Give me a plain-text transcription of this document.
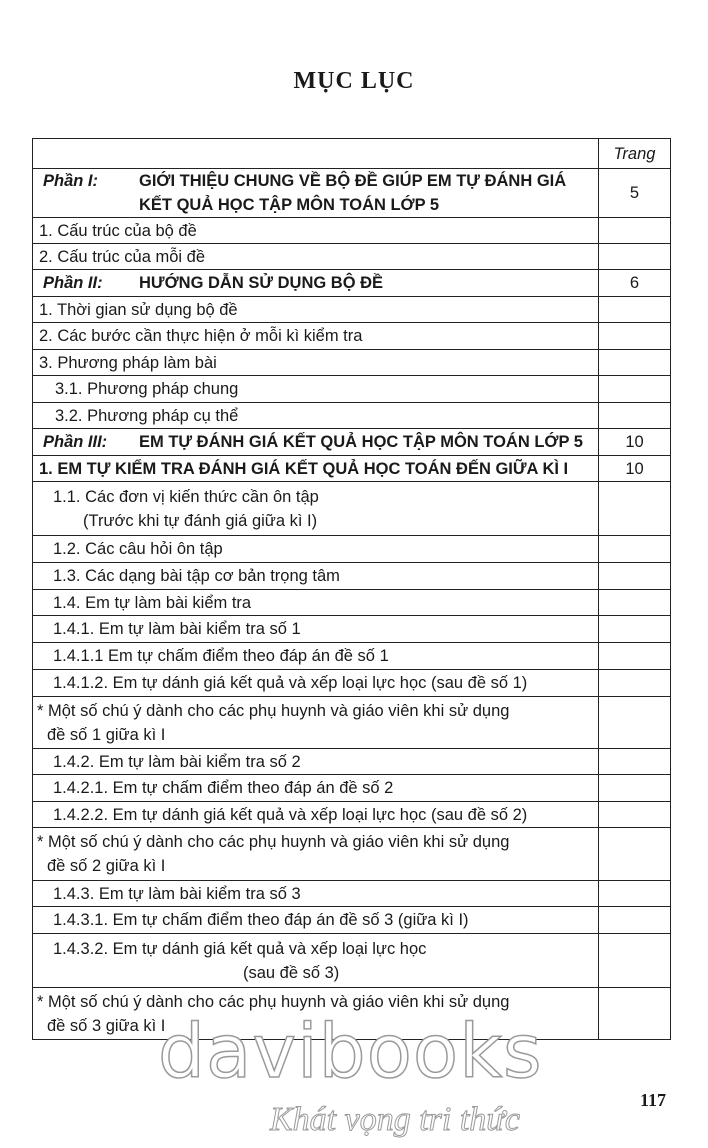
MỤC LỤC
	Trang

Phần I: GIỚI THIỆU CHUNG VỀ BỘ ĐỀ GIÚP EM TỰ ĐÁNH GIÁ
KẾT QUẢ HỌC TẬP MÔN TOÁN LỚP 5	5
1. Cấu trúc của bộ đề	
2. Cấu trúc của mỗi đề	
Phần II: HƯỚNG DẪN SỬ DỤNG BỘ ĐỀ	6
1. Thời gian sử dụng bộ đề	
2. Các bước cần thực hiện ở mỗi kì kiểm tra	
3. Phương pháp làm bài	
3.1. Phương pháp chung	
3.2. Phương pháp cụ thể	
Phần III: EM TỰ ĐÁNH GIÁ KẾT QUẢ HỌC TẬP MÔN TOÁN LỚP 5	10
1. EM TỰ KIỂM TRA ĐÁNH GIÁ KẾT QUẢ HỌC TOÁN ĐẾN GIỮA KÌ I	10

1.1. Các đơn vị kiến thức cần ôn tập
(Trước khi tự đánh giá giữa kì I)	

1.2. Các câu hỏi ôn tập	
1.3. Các dạng bài tập cơ bản trọng tâm	
1.4. Em tự làm bài kiểm tra	
1.4.1. Em tự làm bài kiểm tra số 1	
1.4.1.1 Em tự chấm điểm theo đáp án đề số 1	
1.4.1.2. Em tự dánh giá kết quả và xếp loại lực học (sau đề số 1)	

* Một số chú ý dành cho các phụ huynh và giáo viên khi sử dụng
đề số 1 giữa kì I	

1.4.2. Em tự làm bài kiểm tra số 2	
1.4.2.1. Em tự chấm điểm theo đáp án đề số 2	
1.4.2.2. Em tự dánh giá kết quả và xếp loại lực học (sau đề số 2)	

* Một số chú ý dành cho các phụ huynh và giáo viên khi sử dụng
đề số 2 giữa kì I	

1.4.3. Em tự làm bài kiểm tra số 3	
1.4.3.1. Em tự chấm điểm theo đáp án đề số 3 (giữa kì I)	

1.4.3.2. Em tự dánh giá kết quả và xếp loại lực học
(sau đề số 3)	

* Một số chú ý dành cho các phụ huynh và giáo viên khi sử dụng
đề số 3 giữa kì I	

davibooks
Khát vọng tri thức
117
